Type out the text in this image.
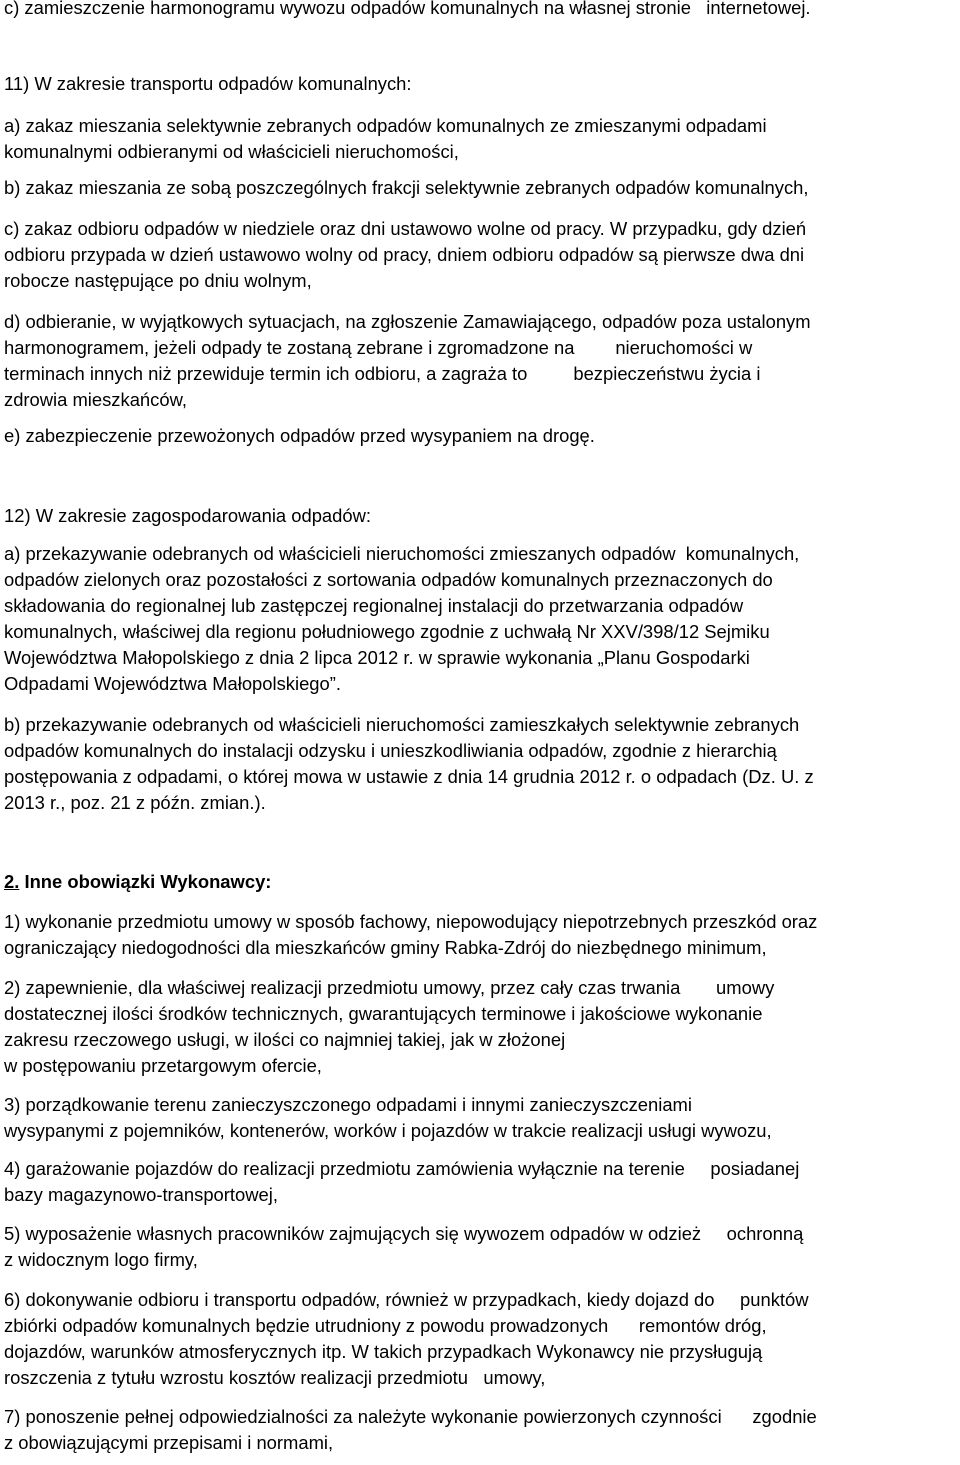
c) zamieszczenie harmonogramu wywozu odpadów komunalnych na własnej stronie   internetowej.
11) W zakresie transportu odpadów komunalnych:
a) zakaz mieszania selektywnie zebranych odpadów komunalnych ze zmieszanymi odpadami
komunalnymi odbieranymi od właścicieli nieruchomości,
b) zakaz mieszania ze sobą poszczególnych frakcji selektywnie zebranych odpadów komunalnych,
c) zakaz odbioru odpadów w niedziele oraz dni ustawowo wolne od pracy. W przypadku, gdy dzień
odbioru przypada w dzień ustawowo wolny od pracy, dniem odbioru odpadów są pierwsze dwa dni
robocze następujące po dniu wolnym,
d) odbieranie, w wyjątkowych sytuacjach, na zgłoszenie Zamawiającego, odpadów poza ustalonym
harmonogramem, jeżeli odpady te zostaną zebrane i zgromadzone na        nieruchomości w
terminach innych niż przewiduje termin ich odbioru, a zagraża to         bezpieczeństwu życia i
zdrowia mieszkańców,
e) zabezpieczenie przewożonych odpadów przed wysypaniem na drogę.
12) W zakresie zagospodarowania odpadów:
a) przekazywanie odebranych od właścicieli nieruchomości zmieszanych odpadów  komunalnych,
odpadów zielonych oraz pozostałości z sortowania odpadów komunalnych przeznaczonych do
składowania do regionalnej lub zastępczej regionalnej instalacji do przetwarzania odpadów
komunalnych, właściwej dla regionu południowego zgodnie z uchwałą Nr XXV/398/12 Sejmiku
Województwa Małopolskiego z dnia 2 lipca 2012 r. w sprawie wykonania „Planu Gospodarki
Odpadami Województwa Małopolskiego”.
b) przekazywanie odebranych od właścicieli nieruchomości zamieszkałych selektywnie zebranych
odpadów komunalnych do instalacji odzysku i unieszkodliwiania odpadów, zgodnie z hierarchią
postępowania z odpadami, o której mowa w ustawie z dnia 14 grudnia 2012 r. o odpadach (Dz. U. z
2013 r., poz. 21 z późn. zmian.).
2. Inne obowiązki Wykonawcy:
1) wykonanie przedmiotu umowy w sposób fachowy, niepowodujący niepotrzebnych przeszkód oraz
ograniczający niedogodności dla mieszkańców gminy Rabka-Zdrój do niezbędnego minimum,
2) zapewnienie, dla właściwej realizacji przedmiotu umowy, przez cały czas trwania       umowy
dostatecznej ilości środków technicznych, gwarantujących terminowe i jakościowe wykonanie
zakresu rzeczowego usługi, w ilości co najmniej takiej, jak w złożonej
w postępowaniu przetargowym ofercie,
3) porządkowanie terenu zanieczyszczonego odpadami i innymi zanieczyszczeniami
wysypanymi z pojemników, kontenerów, worków i pojazdów w trakcie realizacji usługi wywozu,
4) garażowanie pojazdów do realizacji przedmiotu zamówienia wyłącznie na terenie     posiadanej
bazy magazynowo-transportowej,
5) wyposażenie własnych pracowników zajmujących się wywozem odpadów w odzież     ochronną
z widocznym logo firmy,
6) dokonywanie odbioru i transportu odpadów, również w przypadkach, kiedy dojazd do     punktów
zbiórki odpadów komunalnych będzie utrudniony z powodu prowadzonych      remontów dróg,
dojazdów, warunków atmosferycznych itp. W takich przypadkach Wykonawcy nie przysługują
roszczenia z tytułu wzrostu kosztów realizacji przedmiotu   umowy,
7) ponoszenie pełnej odpowiedzialności za należyte wykonanie powierzonych czynności      zgodnie
z obowiązującymi przepisami i normami,
